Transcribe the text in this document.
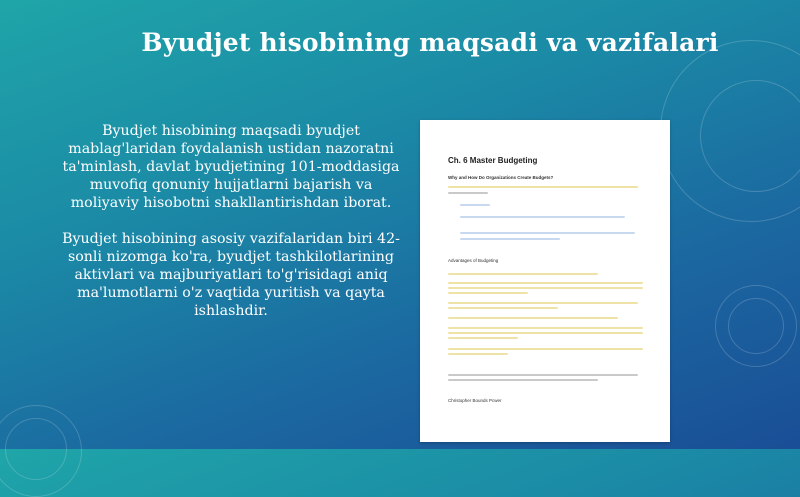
Byudjet hisobining maqsadi va vazifalari

Byudjet hisobining maqsadi byudjet mablag'laridan foydalanish ustidan nazoratni ta'minlash, davlat byudjetining 101-moddasiga muvofiq qonuniy hujjatlarni bajarish va moliyaviy hisobotni shakllantirishdan iborat.

Byudjet hisobining asosiy vazifalaridan biri 42-sonli nizomga ko'ra, byudjet tashkilotlarining aktivlari va majburiyatlari to'g'risidagi aniq ma'lumotlarni o'z vaqtida yuritish va qayta ishlashdir.

Ch. 6 Master Budgeting
Why and How Do Organizations Create Budgets?
Advantages of Budgeting
Christopher Bounds Pcwer
